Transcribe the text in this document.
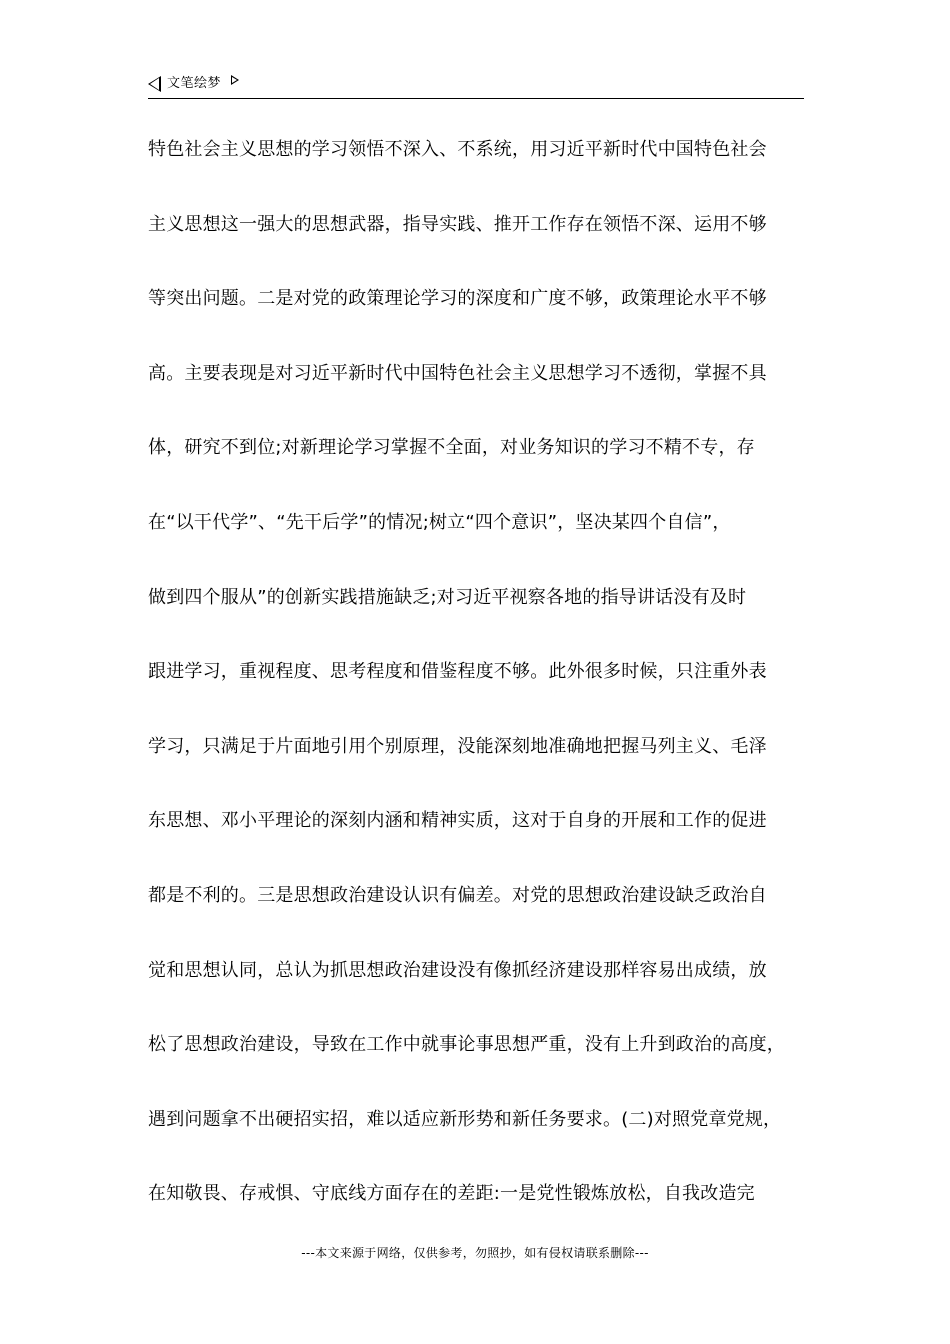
文笔绘梦
特色社会主义思想的学习领悟不深入、不系统，用习近平新时代中国特色社会
主义思想这一强大的思想武器，指导实践、推开工作存在领悟不深、运用不够
等突出问题。二是对党的政策理论学习的深度和广度不够，政策理论水平不够
高。主要表现是对习近平新时代中国特色社会主义思想学习不透彻，掌握不具
体，研究不到位;对新理论学习掌握不全面，对业务知识的学习不精不专，存
在“以干代学”、“先干后学”的情况;树立“四个意识”，坚决某四个自信”，
做到四个服从”的创新实践措施缺乏;对习近平视察各地的指导讲话没有及时
跟进学习，重视程度、思考程度和借鉴程度不够。此外很多时候，只注重外表
学习，只满足于片面地引用个别原理，没能深刻地准确地把握马列主义、毛泽
东思想、邓小平理论的深刻内涵和精神实质，这对于自身的开展和工作的促进
都是不利的。三是思想政治建设认识有偏差。对党的思想政治建设缺乏政治自
觉和思想认同，总认为抓思想政治建设没有像抓经济建设那样容易出成绩，放
松了思想政治建设，导致在工作中就事论事思想严重，没有上升到政治的高度，
遇到问题拿不出硬招实招，难以适应新形势和新任务要求。(二)对照党章党规，
在知敬畏、存戒惧、守底线方面存在的差距:一是党性锻炼放松，自我改造完
---本文来源于网络，仅供参考，勿照抄，如有侵权请联系删除---
